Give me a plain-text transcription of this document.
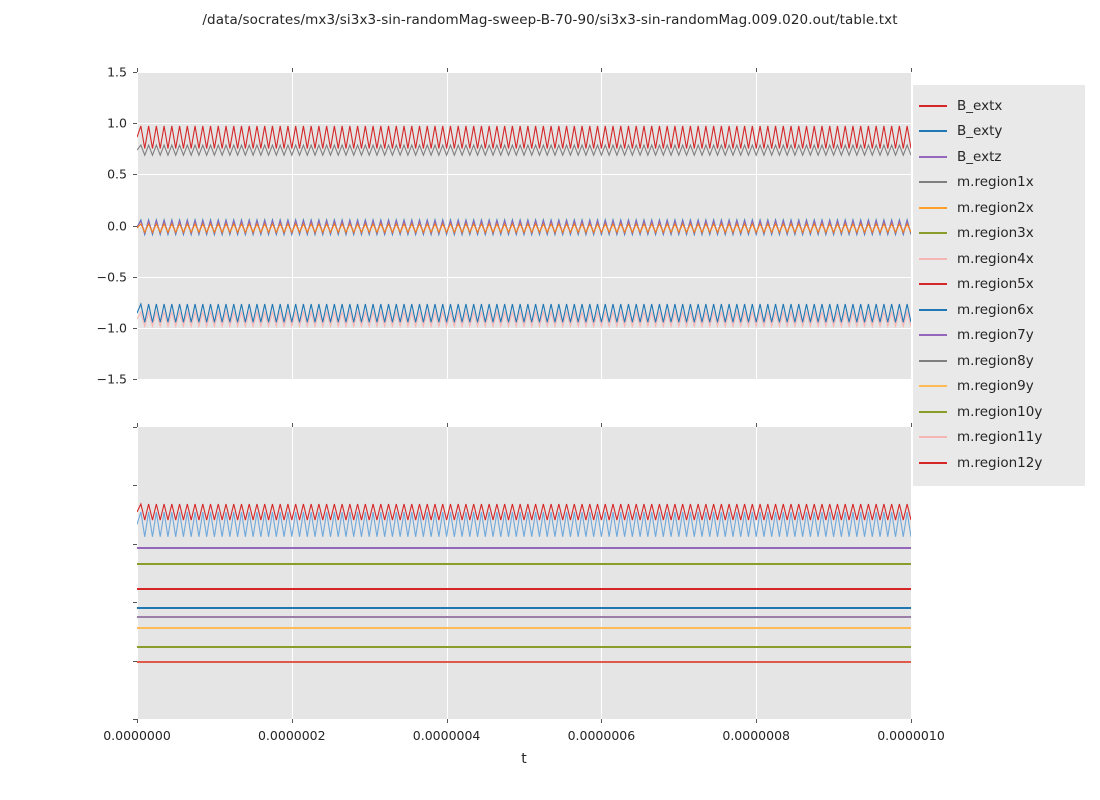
/data/socrates/mx3/si3x3-sin-randomMag-sweep-B-70-90/si3x3-sin-randomMag.009.020.out/table.txt
−1.5
−1.0
−0.5
0.0
0.5
1.0
1.5
0.0000000	0.0000002	0.0000004	0.0000006	0.0000008	0.0000010
t
B_extx
B_exty
B_extz
m.region1x
m.region2x
m.region3x
m.region4x
m.region5x
m.region6x
m.region7y
m.region8y
m.region9y
m.region10y
m.region11y
m.region12y
